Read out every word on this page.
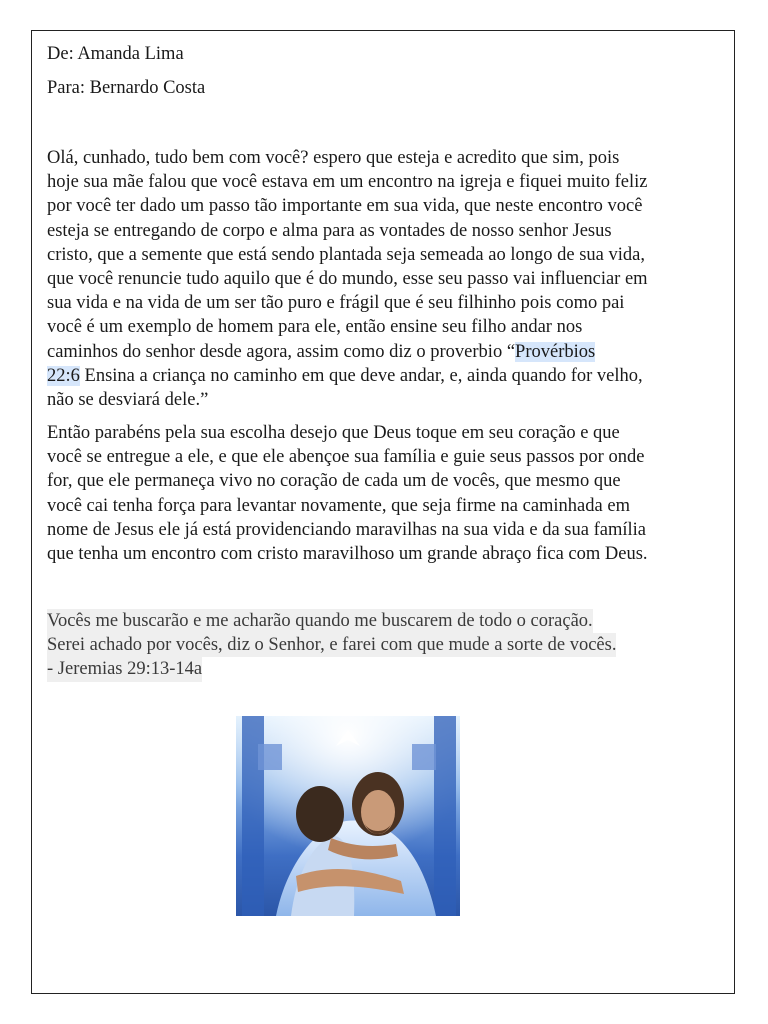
De: Amanda Lima
Para: Bernardo Costa
Olá, cunhado, tudo bem com você? espero que esteja e acredito que sim, pois
hoje sua mãe falou que você estava em um encontro na igreja e fiquei muito feliz
por você ter dado um passo tão importante em sua vida, que neste encontro você
esteja se entregando de corpo e alma para as vontades de nosso senhor Jesus
cristo, que a semente que está sendo plantada seja semeada ao longo de sua vida,
que você renuncie tudo aquilo que é do mundo, esse seu passo vai influenciar em
sua vida e na vida de um ser tão puro e frágil que é seu filhinho pois como pai
você é um exemplo de homem para ele, então ensine seu filho andar nos
caminhos do senhor desde agora, assim como diz o proverbio “Provérbios
22:6 Ensina a criança no caminho em que deve andar, e, ainda quando for velho,
não se desviará dele.”
Então parabéns pela sua escolha desejo que Deus toque em seu coração e que
você se entregue a ele, e que ele abençoe sua família e guie seus passos por onde
for, que ele permaneça vivo no coração de cada um de vocês, que mesmo que
você cai tenha força para levantar novamente, que seja firme na caminhada em
nome de Jesus ele já está providenciando maravilhas na sua vida e da sua família
que tenha um encontro com cristo maravilhoso um grande abraço fica com Deus.
Vocês me buscarão e me acharão quando me buscarem de todo o coração.
Serei achado por vocês, diz o Senhor, e farei com que mude a sorte de vocês.
- Jeremias 29:13-14a
